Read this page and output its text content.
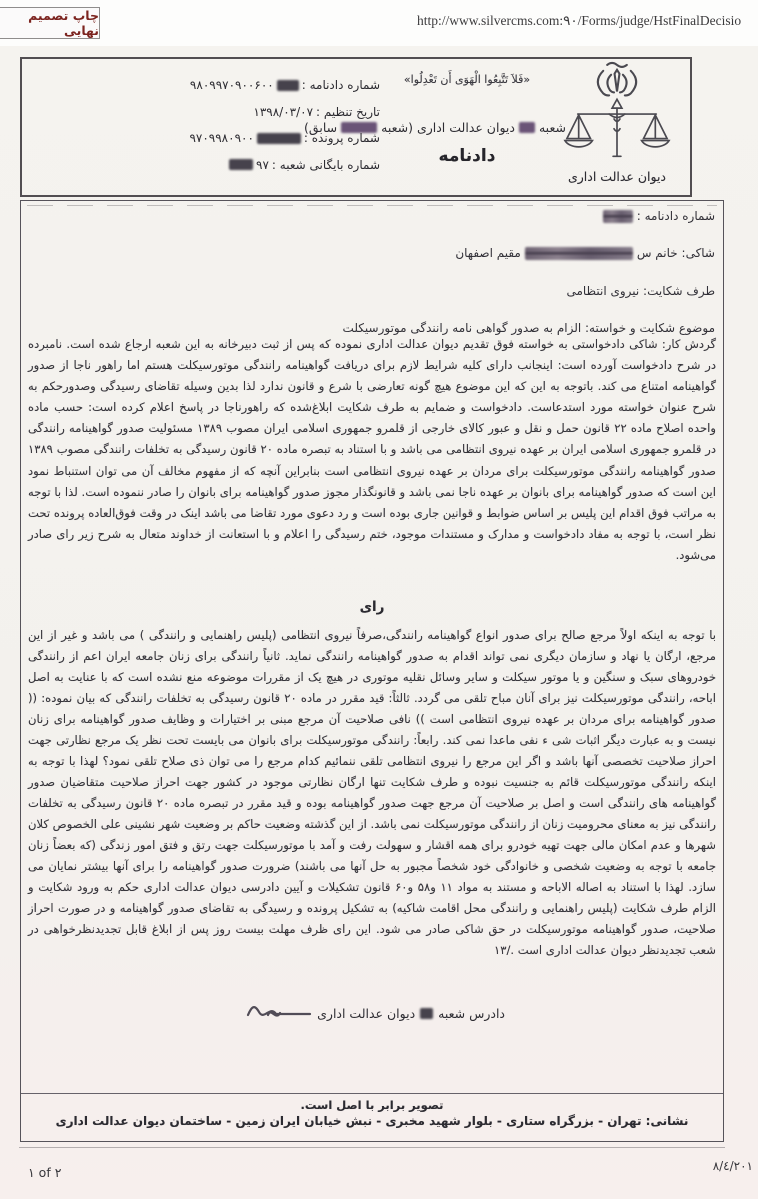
چاپ تصمیم نهایی
http://www.silvercms.com:۹۰/Forms/judge/HstFinalDecisio
دیوان عدالت اداری
«فَلاَ تَتَّبِعُوا الْهَوَى أَن تَعْدِلُوا»
شعبه
دیوان عدالت اداری (شعبه
سابق)
دادنامه
شماره دادنامه :
۹۸۰۹۹۷۰۹۰۰۶۰۰
تاریخ تنظیم :
۱۳۹۸/۰۳/۰۷
شماره پرونده :
۹۷۰۹۹۸۰۹۰۰
شماره بایگانی شعبه :
۹۷
شماره دادنامه :
شاکی: خانم س
مقیم اصفهان
طرف شکایت: نیروی انتظامی
موضوع شکایت و خواسته: الزام به صدور گواهی نامه رانندگی موتورسیکلت
گردش کار: شاکی دادخواستی به خواسته فوق تقدیم دیوان عدالت اداری نموده که پس از ثبت دبیرخانه به این شعبه ارجاع شده است. نامبرده در شرح دادخواست آورده است: اینجانب دارای کلیه شرایط لازم برای دریافت گواهینامه رانندگی موتورسیکلت هستم اما راهور ناجا از صدور گواهینامه امتناع می کند. باتوجه به این که این موضوع هیچ گونه تعارضی با شرع و قانون ندارد لذا بدین وسیله تقاضای رسیدگی وصدورحکم به شرح عنوان خواسته مورد استدعاست. دادخواست و ضمایم به طرف شکایت ابلاغ‌شده که راهورناجا در پاسخ اعلام کرده است: حسب ماده واحده اصلاح ماده ۲۲ قانون حمل و نقل و عبور کالای خارجی از قلمرو جمهوری اسلامی ایران مصوب ۱۳۸۹ مسئولیت صدور گواهینامه رانندگی در قلمرو جمهوری اسلامی ایران بر عهده نیروی انتظامی می باشد و با استناد به تبصره ماده ۲۰ قانون رسیدگی به تخلفات رانندگی مصوب ۱۳۸۹ صدور گواهینامه رانندگی موتورسیکلت برای مردان بر عهده نیروی انتظامی است بنابراین آنچه که از مفهوم مخالف آن می توان استنباط نمود این است که صدور گواهینامه برای بانوان بر عهده ناجا نمی باشد و قانونگذار مجوز صدور گواهینامه برای بانوان را صادر ننموده است. لذا با توجه به مراتب فوق اقدام این پلیس بر اساس ضوابط و قوانین جاری بوده است و رد دعوی مورد تقاضا می باشد اینک در وقت فوق‌العاده پرونده تحت نظر است، با توجه به مفاد دادخواست و مدارک و مستندات موجود، ختم رسیدگی را اعلام و با استعانت از خداوند متعال به شرح زیر رای صادر می‌شود.
رای
با توجه به اینکه اولاً مرجع صالح برای صدور انواع گواهینامه رانندگی،صرفاً نیروی انتظامی (پلیس راهنمایی و رانندگی ) می باشد و غیر از این مرجع، ارگان یا نهاد و سازمان دیگری نمی تواند اقدام به صدور گواهینامه رانندگی نماید. ثانیاً رانندگی برای زنان جامعه ایران اعم از رانندگی خودروهای سبک و سنگین و یا موتور سیکلت و سایر وسائل نقلیه موتوری در هیچ یک از مقررات موضوعه منع نشده است که با عنایت به اصل اباحه، رانندگی موتورسیکلت نیز برای آنان مباح تلقی می گردد. ثالثاً: قید مقرر در ماده ۲۰ قانون رسیدگی به تخلفات رانندگی که بیان نموده: (( صدور گواهینامه برای مردان بر عهده نیروی انتظامی است )) نافی صلاحیت آن مرجع مبنی بر اختیارات و وظایف صدور گواهینامه برای زنان نیست و به عبارت دیگر اثبات شی ء نفی ماعدا نمی کند. رابعاً: رانندگی موتورسیکلت برای بانوان می بایست تحت نظر یک مرجع نظارتی جهت احراز صلاحیت تخصصی آنها باشد و اگر این مرجع را نیروی انتظامی تلقی ننمائیم کدام مرجع را می توان ذی صلاح تلقی نمود؟ لهذا با توجه به اینکه رانندگی موتورسیکلت قائم به جنسیت نبوده و طرف شکایت تنها ارگان نظارتی موجود در کشور جهت احراز صلاحیت متقاضیان صدور گواهینامه های رانندگی است و اصل بر صلاحیت آن مرجع جهت صدور گواهینامه بوده و قید مقرر در تبصره ماده ۲۰ قانون رسیدگی به تخلفات رانندگی نیز به معنای محرومیت زنان از رانندگی موتورسیکلت نمی باشد. از این گذشته وضعیت حاکم بر وضعیت شهر نشینی علی الخصوص کلان شهرها و عدم امکان مالی جهت تهیه خودرو برای همه اقشار و سهولت رفت و آمد با موتورسیکلت جهت رتق و فتق امور زندگی (که بعضاً زنان جامعه با توجه به وضعیت شخصی و خانوادگی خود شخصاً مجبور به حل آنها می باشند) ضرورت صدور گواهینامه را برای آنها بیشتر نمایان می سازد. لهذا با استناد به اصاله الاباحه و مستند به مواد ۱۱ و۵۸ و۶۰ قانون تشکیلات و آیین دادرسی دیوان عدالت اداری حکم به ورود شکایت و الزام طرف شکایت (پلیس راهنمایی و رانندگی محل اقامت شاکیه) به تشکیل پرونده و رسیدگی به تقاضای صدور گواهینامه و در صورت احراز صلاحیت، صدور گواهینامه موتورسیکلت در حق شاکی صادر می شود. این رای ظرف مهلت بیست روز پس از ابلاغ قابل تجدیدنظرخواهی در شعب تجدیدنظر دیوان عدالت اداری است ./۱۳
دادرس شعبه
دیوان عدالت اداری
تصویر برابر با اصل است.
نشانی: تهران - بزرگراه ستاری - بلوار شهید مخبری - نبش خیابان ایران زمین - ساختمان دیوان عدالت اداری
۱ of ۲	٨/٤/٢٠١
